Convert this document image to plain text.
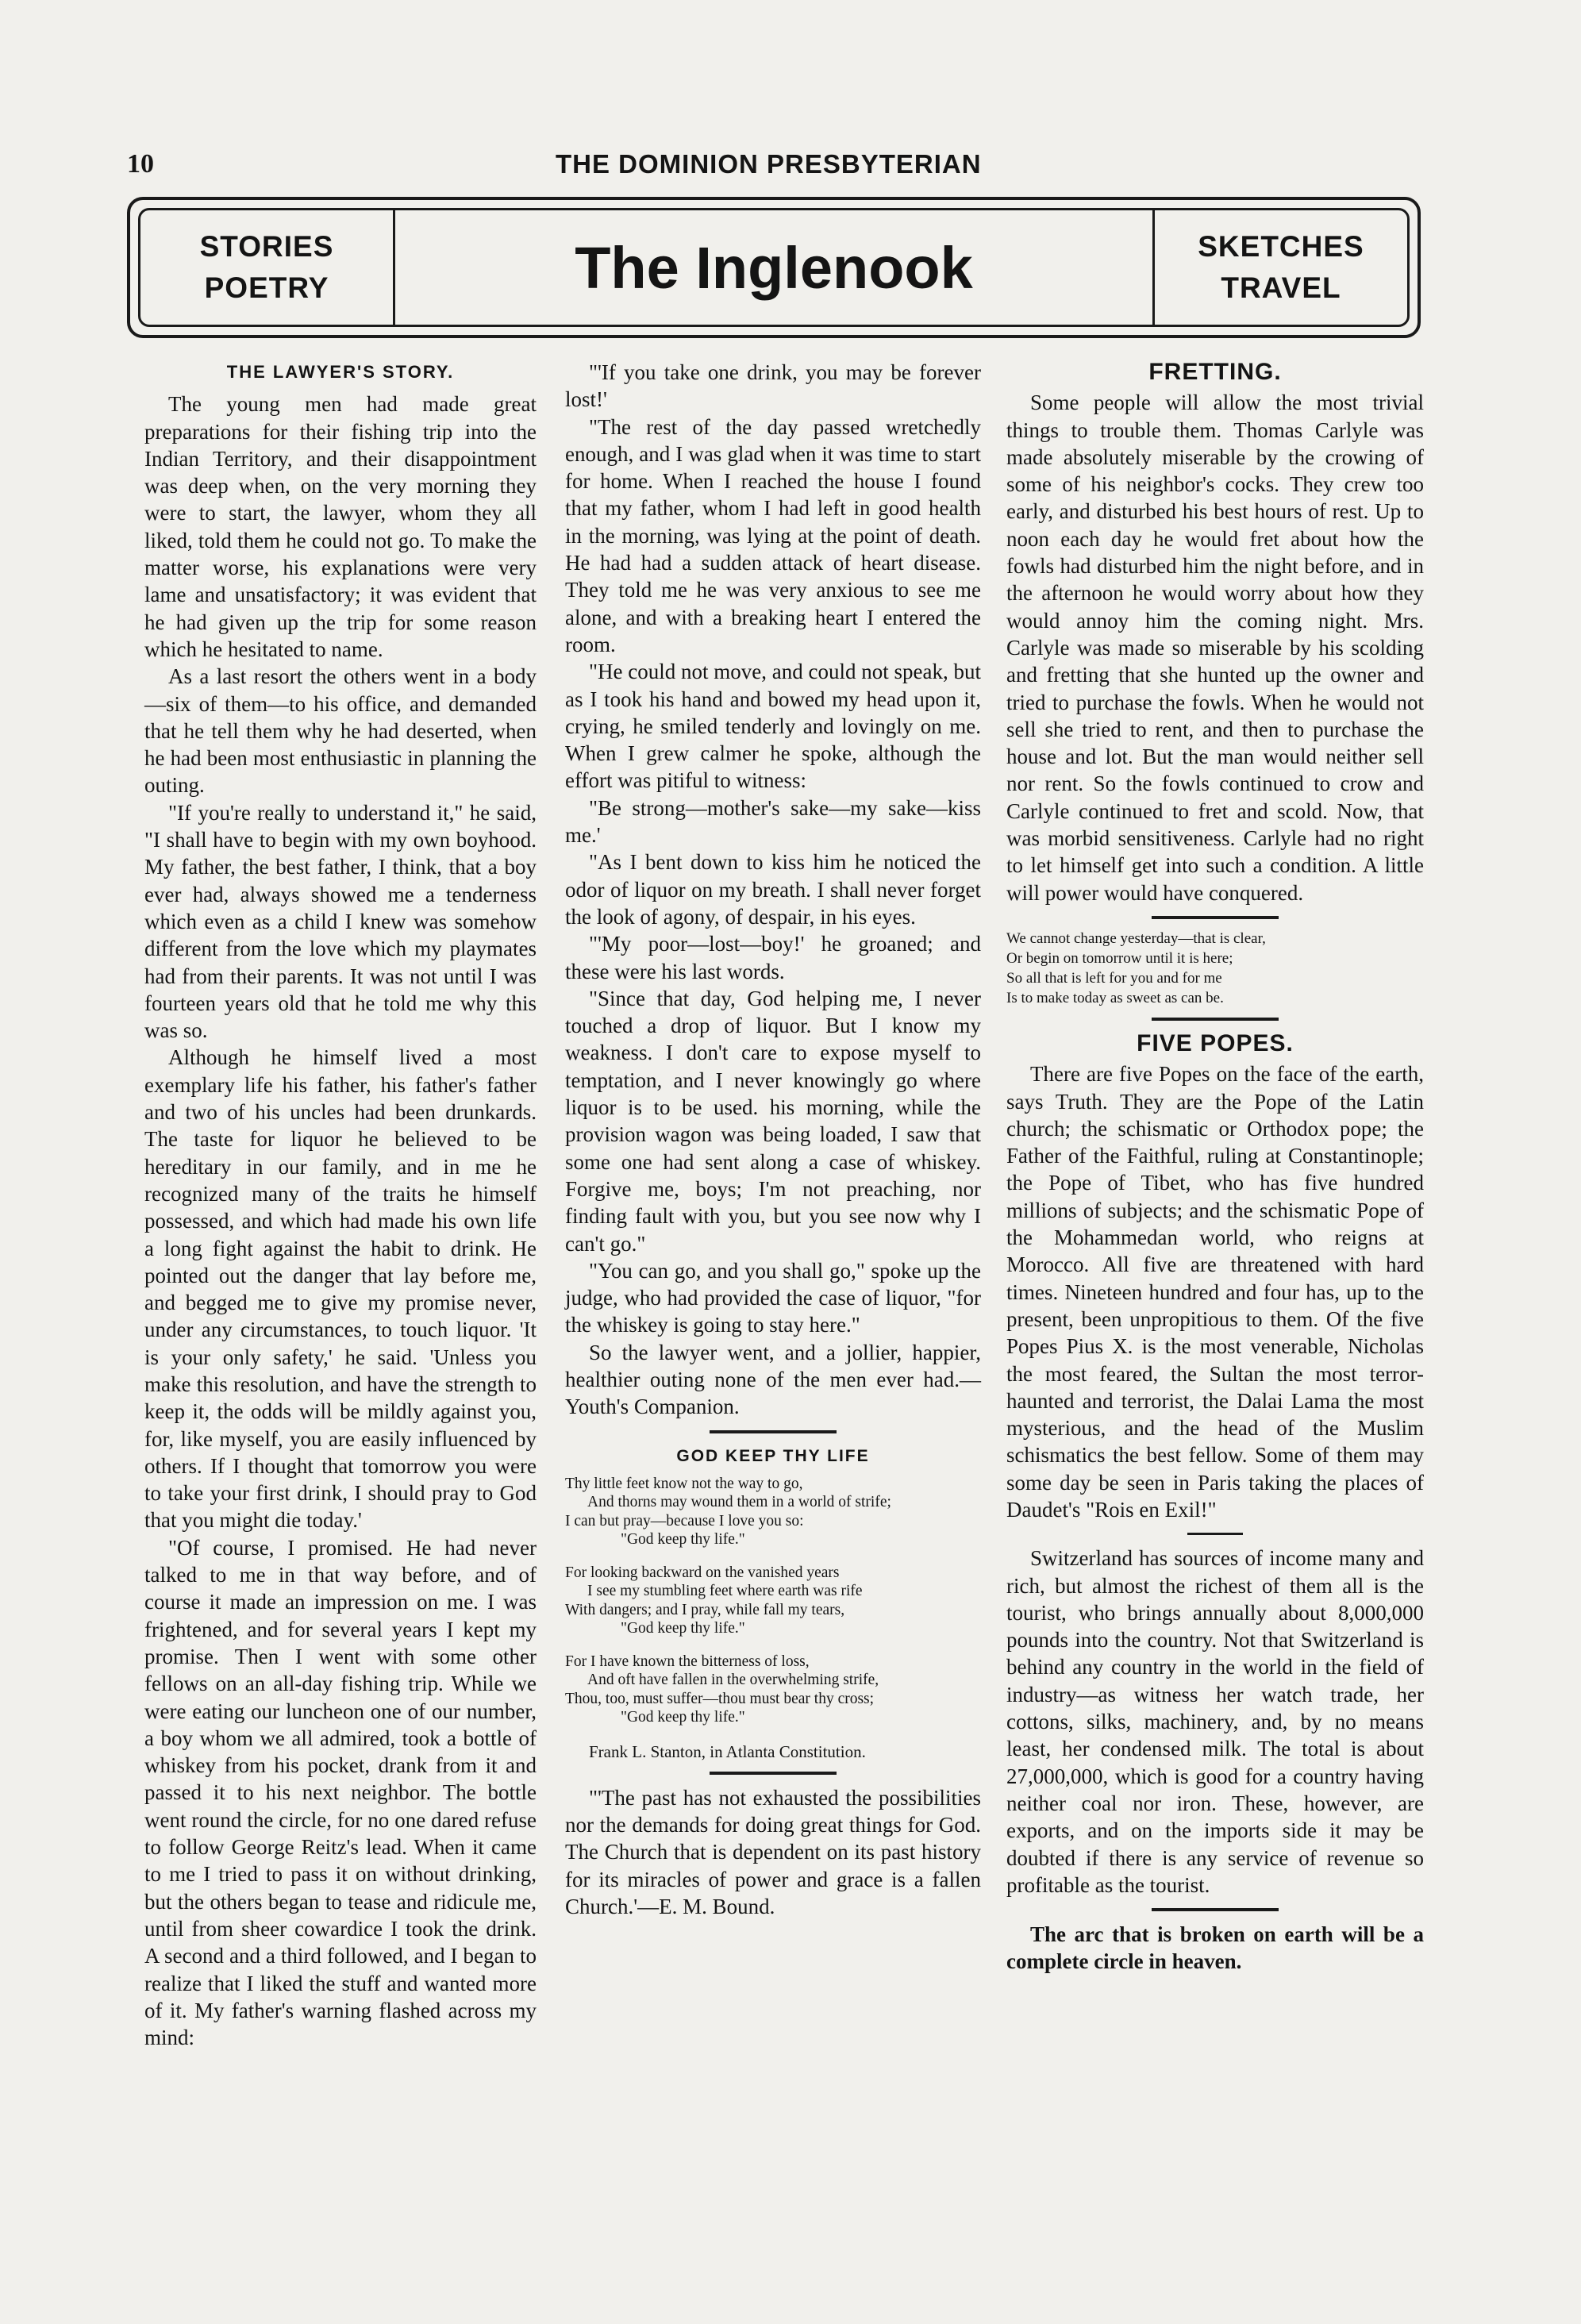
10	THE DOMINION PRESBYTERIAN
STORIES
POETRY	The Inglenook	SKETCHES
TRAVEL
THE LAWYER'S STORY.

The young men had made great preparations for their fishing trip into the Indian Territory, and their disappointment was deep when, on the very morning they were to start, the lawyer, whom they all liked, told them he could not go. To make the matter worse, his explanations were very lame and unsatisfactory; it was evident that he had given up the trip for some reason which he hesitated to name.

As a last resort the others went in a body—six of them—to his office, and demanded that he tell them why he had deserted, when he had been most enthusiastic in planning the outing.

"If you're really to understand it," he said, "I shall have to begin with my own boyhood. My father, the best father, I think, that a boy ever had, always showed me a tenderness which even as a child I knew was somehow different from the love which my playmates had from their parents. It was not until I was fourteen years old that he told me why this was so.

Although he himself lived a most exemplary life his father, his father's father and two of his uncles had been drunkards. The taste for liquor he believed to be hereditary in our family, and in me he recognized many of the traits he himself possessed, and which had made his own life a long fight against the habit to drink. He pointed out the danger that lay before me, and begged me to give my promise never, under any circumstances, to touch liquor. 'It is your only safety,' he said. 'Unless you make this resolution, and have the strength to keep it, the odds will be mildly against you, for, like myself, you are easily influenced by others. If I thought that tomorrow you were to take your first drink, I should pray to God that you might die today.'

"Of course, I promised. He had never talked to me in that way before, and of course it made an impression on me. I was frightened, and for several years I kept my promise. Then I went with some other fellows on an all-day fishing trip. While we were eating our luncheon one of our number, a boy whom we all admired, took a bottle of whiskey from his pocket, drank from it and passed it to his next neighbor. The bottle went round the circle, for no one dared refuse to follow George Reitz's lead. When it came to me I tried to pass it on without drinking, but the others began to tease and ridicule me, until from sheer cowardice I took the drink. A second and a third followed, and I began to realize that I liked the stuff and wanted more of it. My father's warning flashed across my mind:

"'If you take one drink, you may be forever lost!'

"The rest of the day passed wretchedly enough, and I was glad when it was time to start for home. When I reached the house I found that my father, whom I had left in good health in the morning, was lying at the point of death. He had had a sudden attack of heart disease. They told me he was very anxious to see me alone, and with a breaking heart I entered the room.

"He could not move, and could not speak, but as I took his hand and bowed my head upon it, crying, he smiled tenderly and lovingly on me. When I grew calmer he spoke, although the effort was pitiful to witness:

"Be strong—mother's sake—my sake—kiss me.'

"As I bent down to kiss him he noticed the odor of liquor on my breath. I shall never forget the look of agony, of despair, in his eyes.

"'My poor—lost—boy!' he groaned; and these were his last words.

"Since that day, God helping me, I never touched a drop of liquor. But I know my weakness. I don't care to expose myself to temptation, and I never knowingly go where liquor is to be used. his morning, while the provision wagon was being loaded, I saw that some one had sent along a case of whiskey. Forgive me, boys; I'm not preaching, nor finding fault with you, but you see now why I can't go."

"You can go, and you shall go," spoke up the judge, who had provided the case of liquor, "for the whiskey is going to stay here."

So the lawyer went, and a jollier, happier, healthier outing none of the men ever had.—Youth's Companion.

GOD KEEP THY LIFE
Thy little feet know not the way to go,
And thorns may wound them in a world of strife;
I can but pray—because I love you so:
"God keep thy life."
For looking backward on the vanished years
I see my stumbling feet where earth was rife
With dangers; and I pray, while fall my tears,
"God keep thy life."
For I have known the bitterness of loss,
And oft have fallen in the overwhelming strife,
Thou, too, must suffer—thou must bear thy cross;
"God keep thy life."

Frank L. Stanton, in Atlanta Constitution.

"'The past has not exhausted the possibilities nor the demands for doing great things for God. The Church that is dependent on its past history for its miracles of power and grace is a fallen Church.'—E. M. Bound.

FRETTING.

Some people will allow the most trivial things to trouble them. Thomas Carlyle was made absolutely miserable by the crowing of some of his neighbor's cocks. They crew too early, and disturbed his best hours of rest. Up to noon each day he would fret about how the fowls had disturbed him the night before, and in the afternoon he would worry about how they would annoy him the coming night. Mrs. Carlyle was made so miserable by his scolding and fretting that she hunted up the owner and tried to purchase the fowls. When he would not sell she tried to rent, and then to purchase the house and lot. But the man would neither sell nor rent. So the fowls continued to crow and Carlyle continued to fret and scold. Now, that was morbid sensitiveness. Carlyle had no right to let himself get into such a condition. A little will power would have conquered.

We cannot change yesterday—that is clear,
Or begin on tomorrow until it is here;
So all that is left for you and for me
Is to make today as sweet as can be.
FIVE POPES.

There are five Popes on the face of the earth, says Truth. They are the Pope of the Latin church; the schismatic or Orthodox pope; the Father of the Faithful, ruling at Constantinople; the Pope of Tibet, who has five hundred millions of subjects; and the schismatic Pope of the Mohammedan world, who reigns at Morocco. All five are threatened with hard times. Nineteen hundred and four has, up to the present, been unpropitious to them. Of the five Popes Pius X. is the most venerable, Nicholas the most feared, the Sultan the most terror-haunted and terrorist, the Dalai Lama the most mysterious, and the head of the Muslim schismatics the best fellow. Some of them may some day be seen in Paris taking the places of Daudet's "Rois en Exil!"

Switzerland has sources of income many and rich, but almost the richest of them all is the tourist, who brings annually about 8,000,000 pounds into the country. Not that Switzerland is behind any country in the world in the field of industry—as witness her watch trade, her cottons, silks, machinery, and, by no means least, her condensed milk. The total is about 27,000,000, which is good for a country having neither coal nor iron. These, however, are exports, and on the imports side it may be doubted if there is any service of revenue so profitable as the tourist.

The arc that is broken on earth will be a complete circle in heaven.
